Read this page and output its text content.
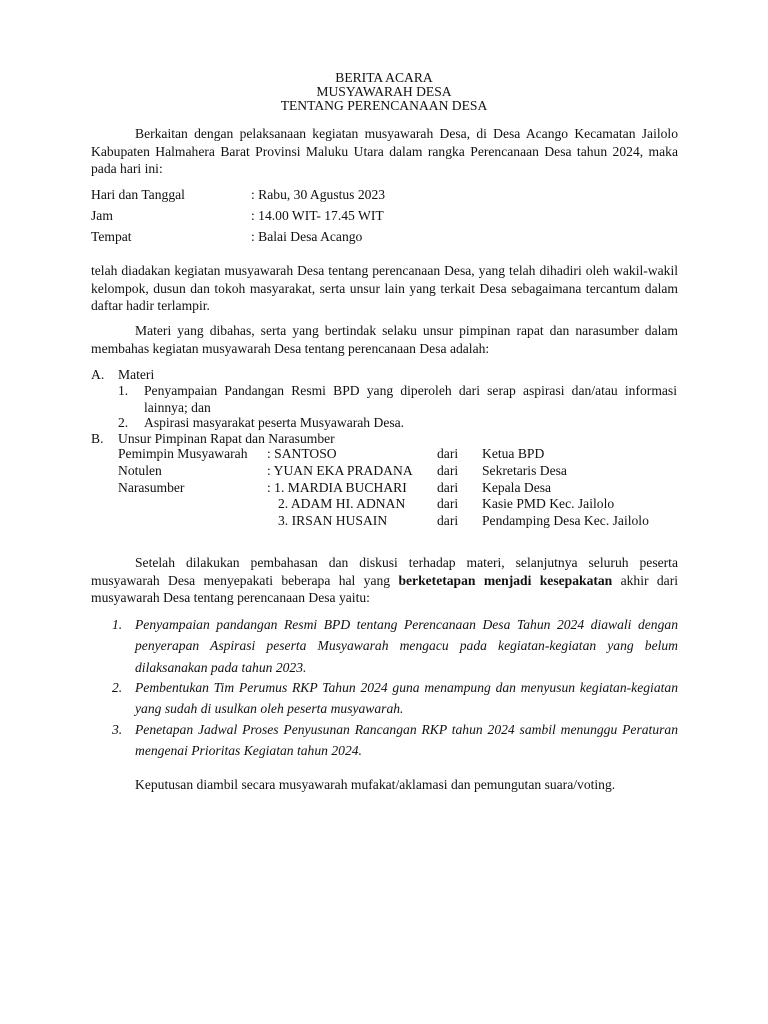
BERITA ACARA
MUSYAWARAH DESA
TENTANG PERENCANAAN DESA

Berkaitan dengan pelaksanaan kegiatan musyawarah Desa, di Desa Acango Kecamatan Jailolo Kabupaten Halmahera Barat Provinsi Maluku Utara dalam rangka Perencanaan Desa tahun 2024, maka pada hari ini:

Hari dan Tanggal	: Rabu, 30 Agustus 2023
Jam	: 14.00 WIT- 17.45 WIT
Tempat	: Balai Desa Acango

telah diadakan kegiatan musyawarah Desa tentang perencanaan Desa, yang telah dihadiri oleh wakil-wakil kelompok, dusun dan tokoh masyarakat, serta unsur lain yang terkait Desa sebagaimana tercantum dalam daftar hadir terlampir.

Materi yang dibahas, serta yang bertindak selaku unsur pimpinan rapat dan narasumber dalam membahas kegiatan musyawarah Desa tentang perencanaan Desa adalah:

A. Materi
1. Penyampaian Pandangan Resmi BPD yang diperoleh dari serap aspirasi dan/atau informasi lainnya; dan

2. Aspirasi masyarakat peserta Musyawarah Desa.

B. Unsur Pimpinan Rapat dan Narasumber
Pemimpin Musyawarah : SANTOSO	dari Ketua BPD
Notulen	: YUAN EKA PRADANA dari Sekretaris Desa
Narasumber	: 1. MARDIA BUCHARI dari Kepala Desa
2. ADAM HI. ADNAN dari Kasie PMD Kec. Jailolo
3. IRSAN HUSAIN	dari Pendamping Desa Kec. Jailolo

Setelah dilakukan pembahasan dan diskusi terhadap materi, selanjutnya seluruh peserta musyawarah Desa menyepakati beberapa hal yang berketetapan menjadi kesepakatan akhir dari musyawarah Desa tentang perencanaan Desa yaitu:

1. Penyampaian pandangan Resmi BPD tentang Perencanaan Desa Tahun 2024 diawali dengan penyerapan Aspirasi peserta Musyawarah mengacu pada kegiatan-kegiatan yang belum dilaksanakan pada tahun 2023.

2. Pembentukan Tim Perumus RKP Tahun 2024 guna menampung dan menyusun kegiatan-kegiatan yang sudah di usulkan oleh peserta musyawarah.

3. Penetapan Jadwal Proses Penyusunan Rancangan RKP tahun 2024 sambil menunggu Peraturan mengenai Prioritas Kegiatan tahun 2024.

Keputusan diambil secara musyawarah mufakat/aklamasi dan pemungutan suara/voting.
